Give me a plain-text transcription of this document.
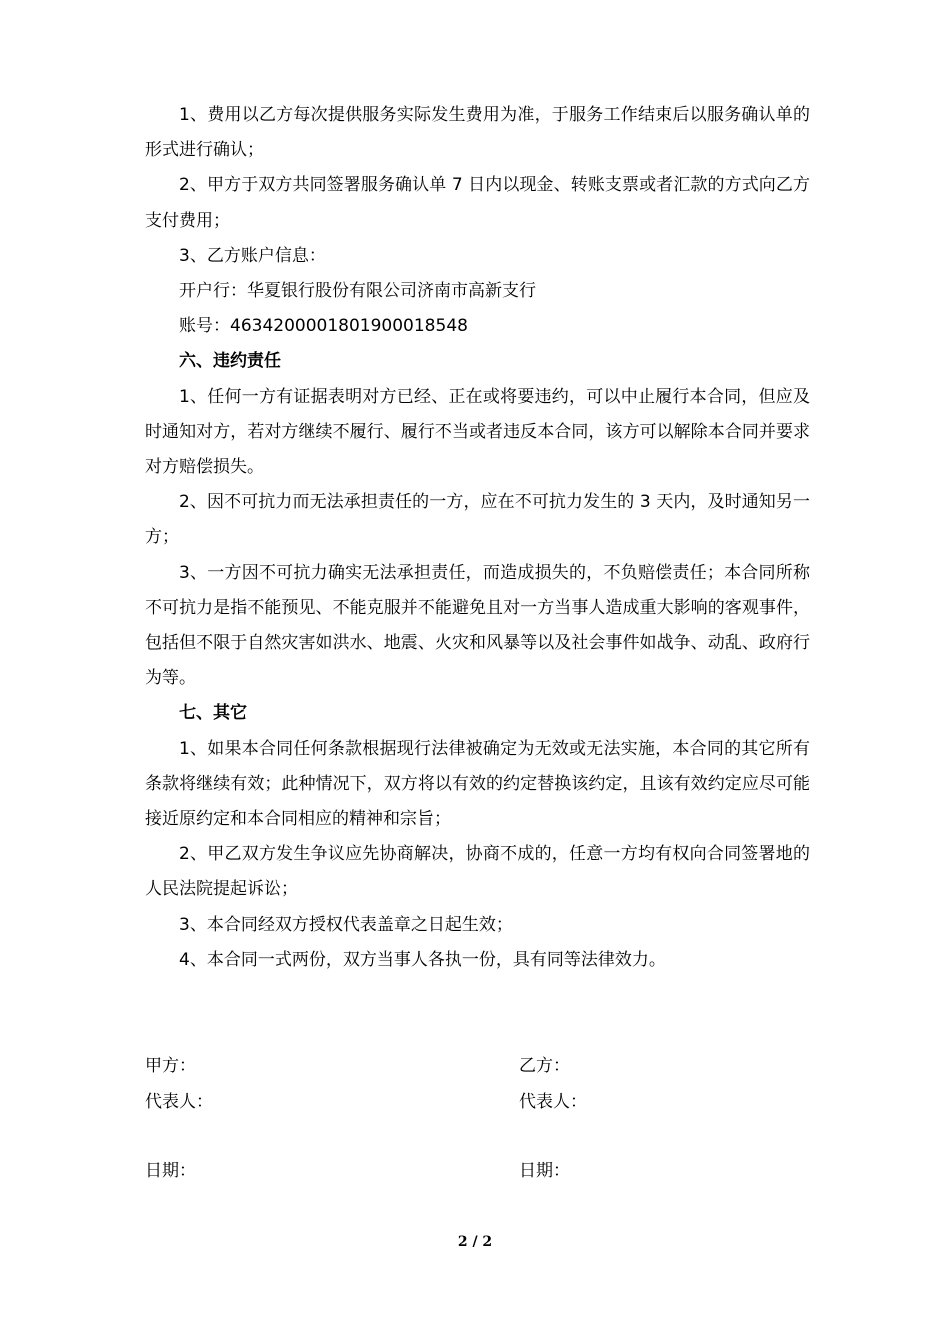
1、费用以乙方每次提供服务实际发生费用为准，于服务工作结束后以服务确认单的形式进行确认；

2、甲方于双方共同签署服务确认单 7 日内以现金、转账支票或者汇款的方式向乙方支付费用；

3、乙方账户信息：

开户行：华夏银行股份有限公司济南市高新支行

账号：46342000018019000185​48

六、违约责任

1、任何一方有证据表明对方已经、正在或将要违约，可以中止履行本合同，但应及时通知对方，若对方继续不履行、履行不当或者违反本合同，该方可以解除本合同并要求对方赔偿损失。

2、因不可抗力而无法承担责任的一方，应在不可抗力发生的 3 天内，及时通知另一方；

3、一方因不可抗力确实无法承担责任，而造成损失的，不负赔偿责任；本合同所称不可抗力是指不能预见、不能克服并不能避免且对一方当事人造成重大影响的客观事件，包括但不限于自然灾害如洪水、地震、火灾和风暴等以及社会事件如战争、动乱、政府行为等。

七、其它

1、如果本合同任何条款根据现行法律被确定为无效或无法实施，本合同的其它所有条款将继续有效；此种情况下，双方将以有效的约定替换该约定，且该有效约定应尽可能接近原约定和本合同相应的精神和宗旨；

2、甲乙双方发生争议应先协商解决，协商不成的，任意一方均有权向合同签署地的人民法院提起诉讼；

3、本合同经双方授权代表盖章之日起生效；

4、本合同一式两份，双方当事人各执一份，具有同等法律效力。

甲方：	乙方：
代表人：	代表人：
日期：	日期：
2 / 2
